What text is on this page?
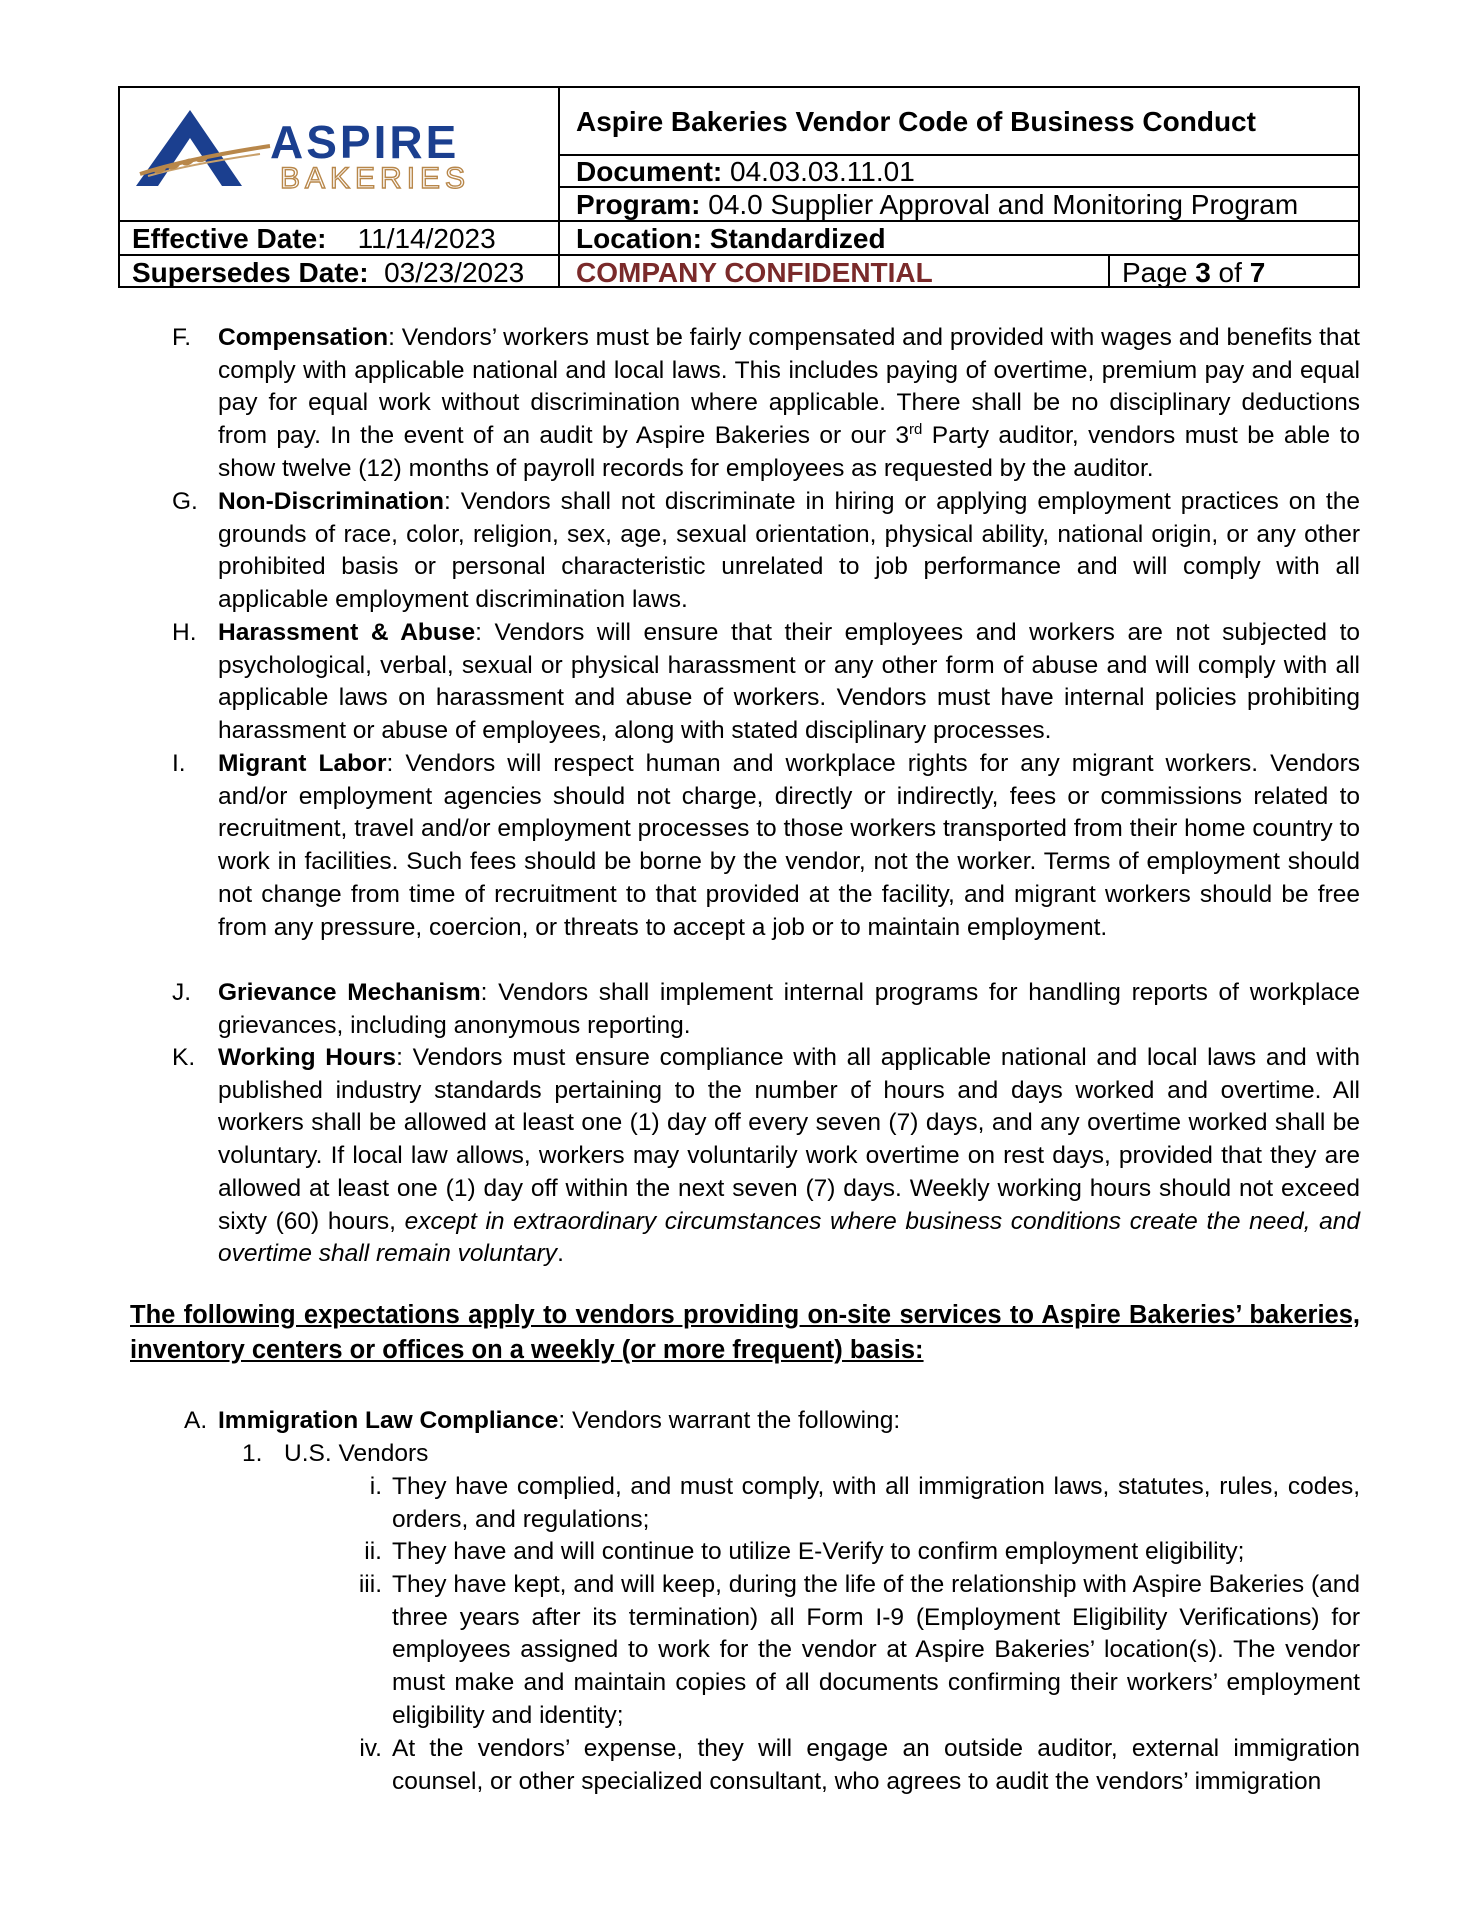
ASPIRE
BAKERIES
Aspire Bakeries Vendor Code of Business Conduct
Document: 04.03.03.11.01
Program: 04.0 Supplier Approval and Monitoring Program
Effective Date: 11/14/2023	Location: Standardized
Supersedes Date: 03/23/2023	COMPANY CONFIDENTIAL	Page 3 of 7
F. Compensation: Vendors’ workers must be fairly compensated and provided with wages and benefits that comply with applicable national and local laws. This includes paying of overtime, premium pay and equal pay for equal work without discrimination where applicable. There shall be no disciplinary deductions from pay. In the event of an audit by Aspire Bakeries or our 3rd Party auditor, vendors must be able to show twelve (12) months of payroll records for employees as requested by the auditor.
G. Non-Discrimination: Vendors shall not discriminate in hiring or applying employment practices on the grounds of race, color, religion, sex, age, sexual orientation, physical ability, national origin, or any other prohibited basis or personal characteristic unrelated to job performance and will comply with all applicable employment discrimination laws.
H. Harassment & Abuse: Vendors will ensure that their employees and workers are not subjected to psychological, verbal, sexual or physical harassment or any other form of abuse and will comply with all applicable laws on harassment and abuse of workers. Vendors must have internal policies prohibiting harassment or abuse of employees, along with stated disciplinary processes.
I. Migrant Labor: Vendors will respect human and workplace rights for any migrant workers. Vendors and/or employment agencies should not charge, directly or indirectly, fees or commissions related to recruitment, travel and/or employment processes to those workers transported from their home country to work in facilities. Such fees should be borne by the vendor, not the worker. Terms of employment should not change from time of recruitment to that provided at the facility, and migrant workers should be free from any pressure, coercion, or threats to accept a job or to maintain employment.
J. Grievance Mechanism: Vendors shall implement internal programs for handling reports of workplace grievances, including anonymous reporting.
K. Working Hours: Vendors must ensure compliance with all applicable national and local laws and with published industry standards pertaining to the number of hours and days worked and overtime. All workers shall be allowed at least one (1) day off every seven (7) days, and any overtime worked shall be voluntary. If local law allows, workers may voluntarily work overtime on rest days, provided that they are allowed at least one (1) day off within the next seven (7) days. Weekly working hours should not exceed sixty (60) hours, except in extraordinary circumstances where business conditions create the need, and overtime shall remain voluntary.
The following expectations apply to vendors providing on-site services to Aspire Bakeries’ bakeries, inventory centers or offices on a weekly (or more frequent) basis:
A. Immigration Law Compliance: Vendors warrant the following:
1. U.S. Vendors
i. They have complied, and must comply, with all immigration laws, statutes, rules, codes, orders, and regulations;
ii. They have and will continue to utilize E-Verify to confirm employment eligibility;
iii. They have kept, and will keep, during the life of the relationship with Aspire Bakeries (and three years after its termination) all Form I-9 (Employment Eligibility Verifications) for employees assigned to work for the vendor at Aspire Bakeries’ location(s). The vendor must make and maintain copies of all documents confirming their workers’ employment eligibility and identity;
iv. At the vendors’ expense, they will engage an outside auditor, external immigration counsel, or other specialized consultant, who agrees to audit the vendors’ immigration
